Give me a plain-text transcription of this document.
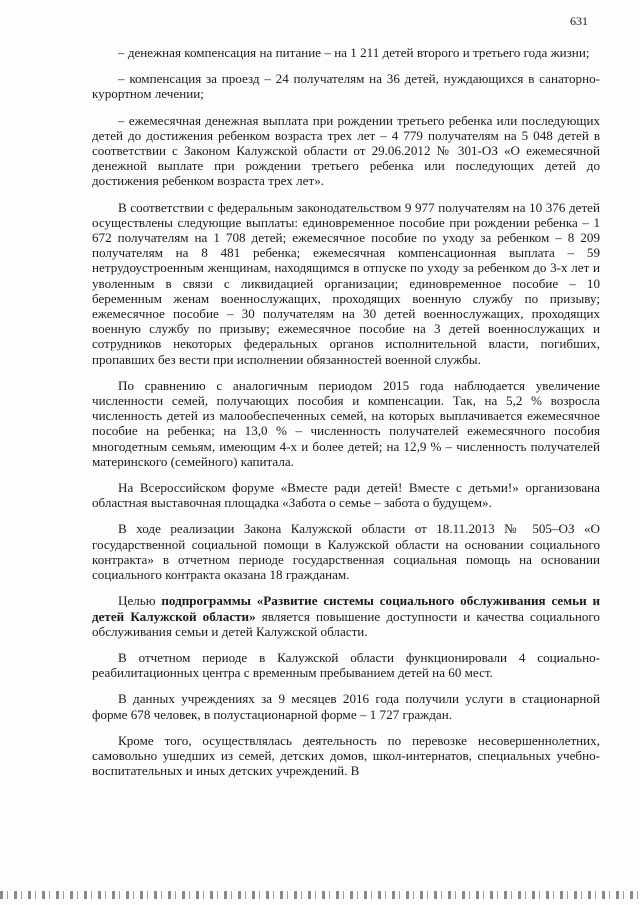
631

– денежная компенсация на питание – на 1 211 детей второго и третьего года жизни;

– компенсация за проезд – 24 получателям на 36 детей, нуждающихся в санаторно-курортном лечении;

– ежемесячная денежная выплата при рождении третьего ребенка или последующих детей до достижения ребенком возраста трех лет – 4 779 получателям на 5 048 детей в соответствии с Законом Калужской области от 29.06.2012 № 301-ОЗ «О ежемесячной денежной выплате при рождении третьего ребенка или последующих детей до достижения ребенком возраста трех лет».

В соответствии с федеральным законодательством 9 977 получателям на 10 376 детей осуществлены следующие выплаты: единовременное пособие при рождении ребенка – 1 672 получателям на 1 708 детей; ежемесячное пособие по уходу за ребенком – 8 209 получателям на 8 481 ребенка; ежемесячная компенсационная выплата – 59 нетрудоустроенным женщинам, находящимся в отпуске по уходу за ребенком до 3-х лет и уволенным в связи с ликвидацией организации; единовременное пособие – 10 беременным женам военнослужащих, проходящих военную службу по призыву; ежемесячное пособие – 30 получателям на 30 детей военнослужащих, проходящих военную службу по призыву; ежемесячное пособие на 3 детей военнослужащих и сотрудников некоторых федеральных органов исполнительной власти, погибших, пропавших без вести при исполнении обязанностей военной службы.

По сравнению с аналогичным периодом 2015 года наблюдается увеличение численности семей, получающих пособия и компенсации. Так, на 5,2 % возросла численность детей из малообеспеченных семей, на которых выплачивается ежемесячное пособие на ребенка; на 13,0 % – численность получателей ежемесячного пособия многодетным семьям, имеющим 4-х и более детей; на 12,9 % – численность получателей материнского (семейного) капитала.

На Всероссийском форуме «Вместе ради детей! Вместе с детьми!» организована областная выставочная площадка «Забота о семье – забота о будущем».

В ходе реализации Закона Калужской области от 18.11.2013 № 505–ОЗ «О государственной социальной помощи в Калужской области на основании социального контракта» в отчетном периоде государственная социальная помощь на основании социального контракта оказана 18 гражданам.

Целью подпрограммы «Развитие системы социального обслуживания семьи и детей Калужской области» является повышение доступности и качества социального обслуживания семьи и детей Калужской области.

В отчетном периоде в Калужской области функционировали 4 социально-реабилитационных центра с временным пребыванием детей на 60 мест.

В данных учреждениях за 9 месяцев 2016 года получили услуги в стационарной форме 678 человек, в полустационарной форме – 1 727 граждан.

Кроме того, осуществлялась деятельность по перевозке несовершеннолетних, самовольно ушедших из семей, детских домов, школ-интернатов, специальных учебно-воспитательных и иных детских учреждений. В
